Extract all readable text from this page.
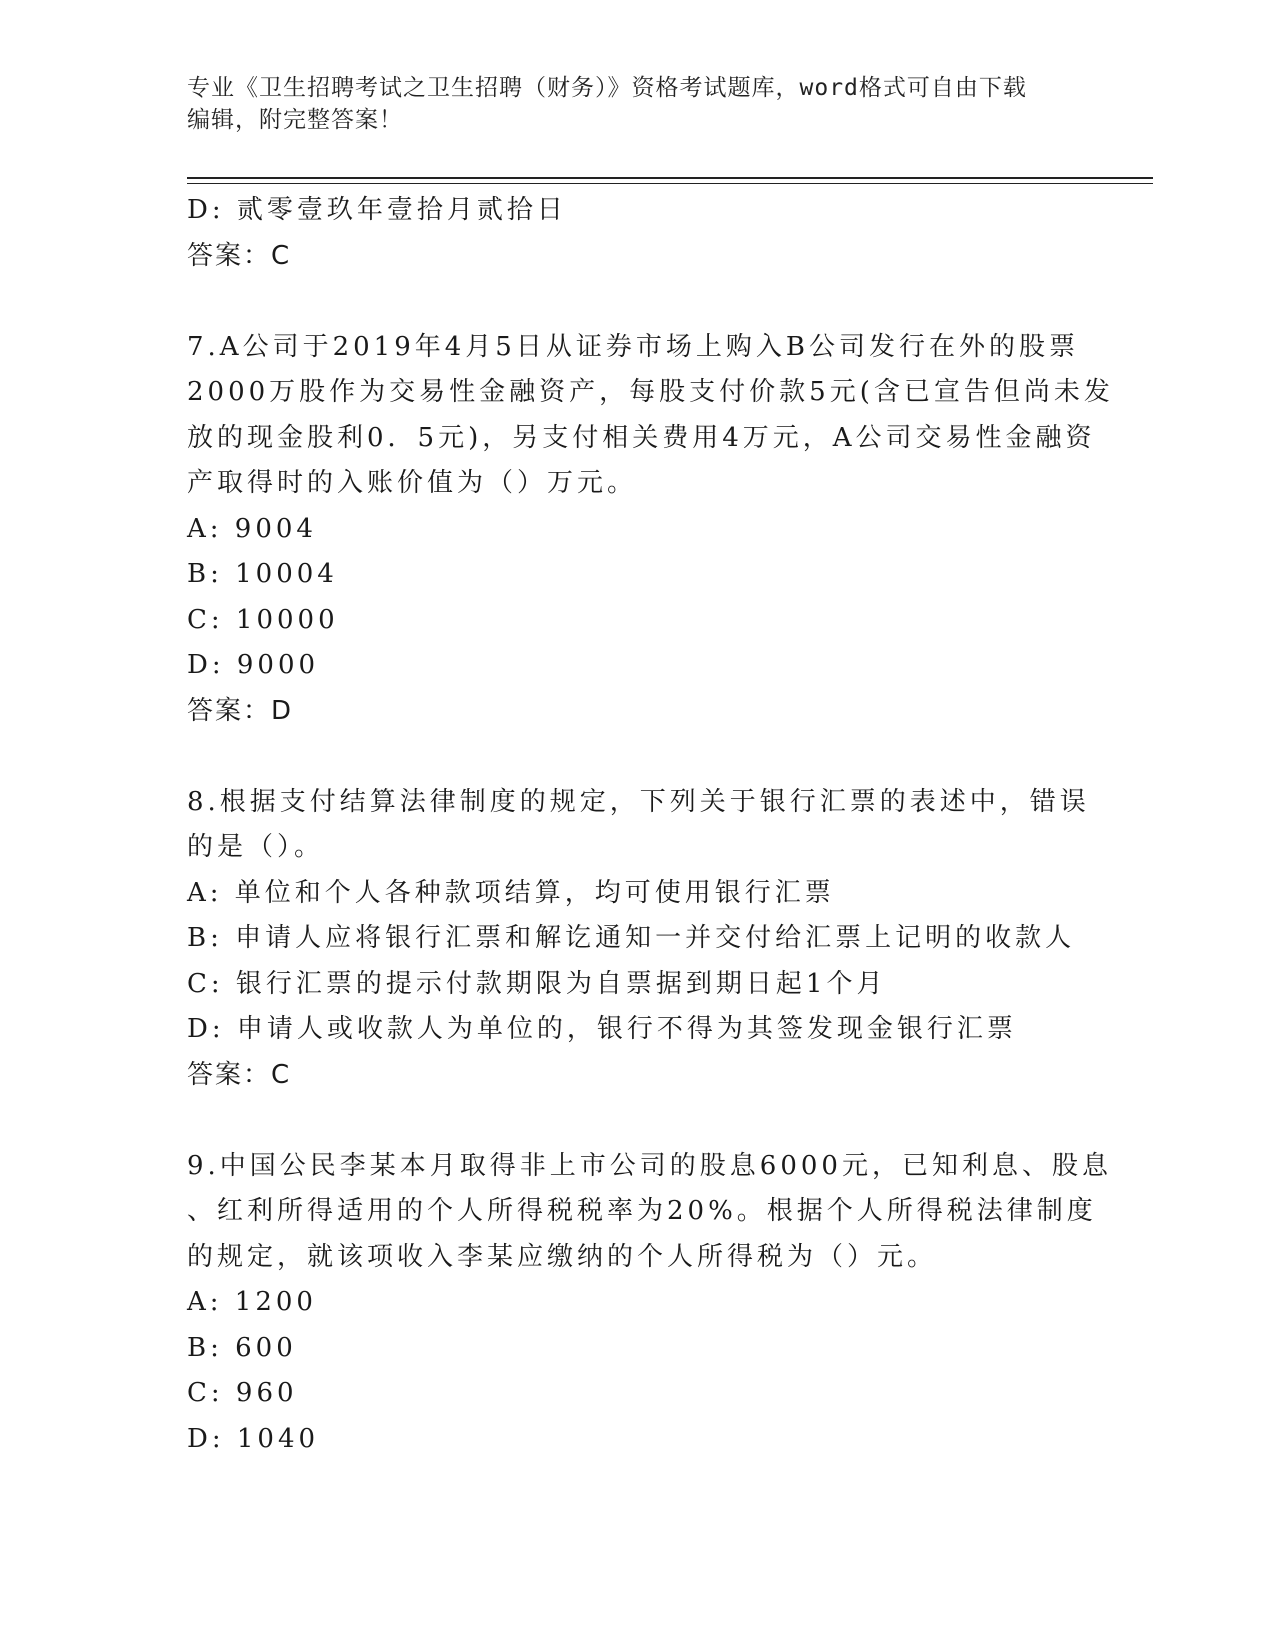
专业《卫生招聘考试之卫生招聘（财务）》资格考试题库，word格式可自由下载
编辑，附完整答案！
D: 贰零壹玖年壹拾月贰拾日
答案：C
7.A公司于2019年4月5日从证券市场上购入B公司发行在外的股票
2000万股作为交易性金融资产，每股支付价款5元(含已宣告但尚未发
放的现金股利0．5元)，另支付相关费用4万元，A公司交易性金融资
产取得时的入账价值为（）万元。
A: 9004
B: 10004
C: 10000
D: 9000
答案：D
8.根据支付结算法律制度的规定，下列关于银行汇票的表述中，错误
的是（）。
A: 单位和个人各种款项结算，均可使用银行汇票
B: 申请人应将银行汇票和解讫通知一并交付给汇票上记明的收款人
C: 银行汇票的提示付款期限为自票据到期日起1个月
D: 申请人或收款人为单位的，银行不得为其签发现金银行汇票
答案：C
9.中国公民李某本月取得非上市公司的股息6000元，已知利息、股息
、红利所得适用的个人所得税税率为20%。根据个人所得税法律制度
的规定，就该项收入李某应缴纳的个人所得税为（）元。
A: 1200
B: 600
C: 960
D: 1040
